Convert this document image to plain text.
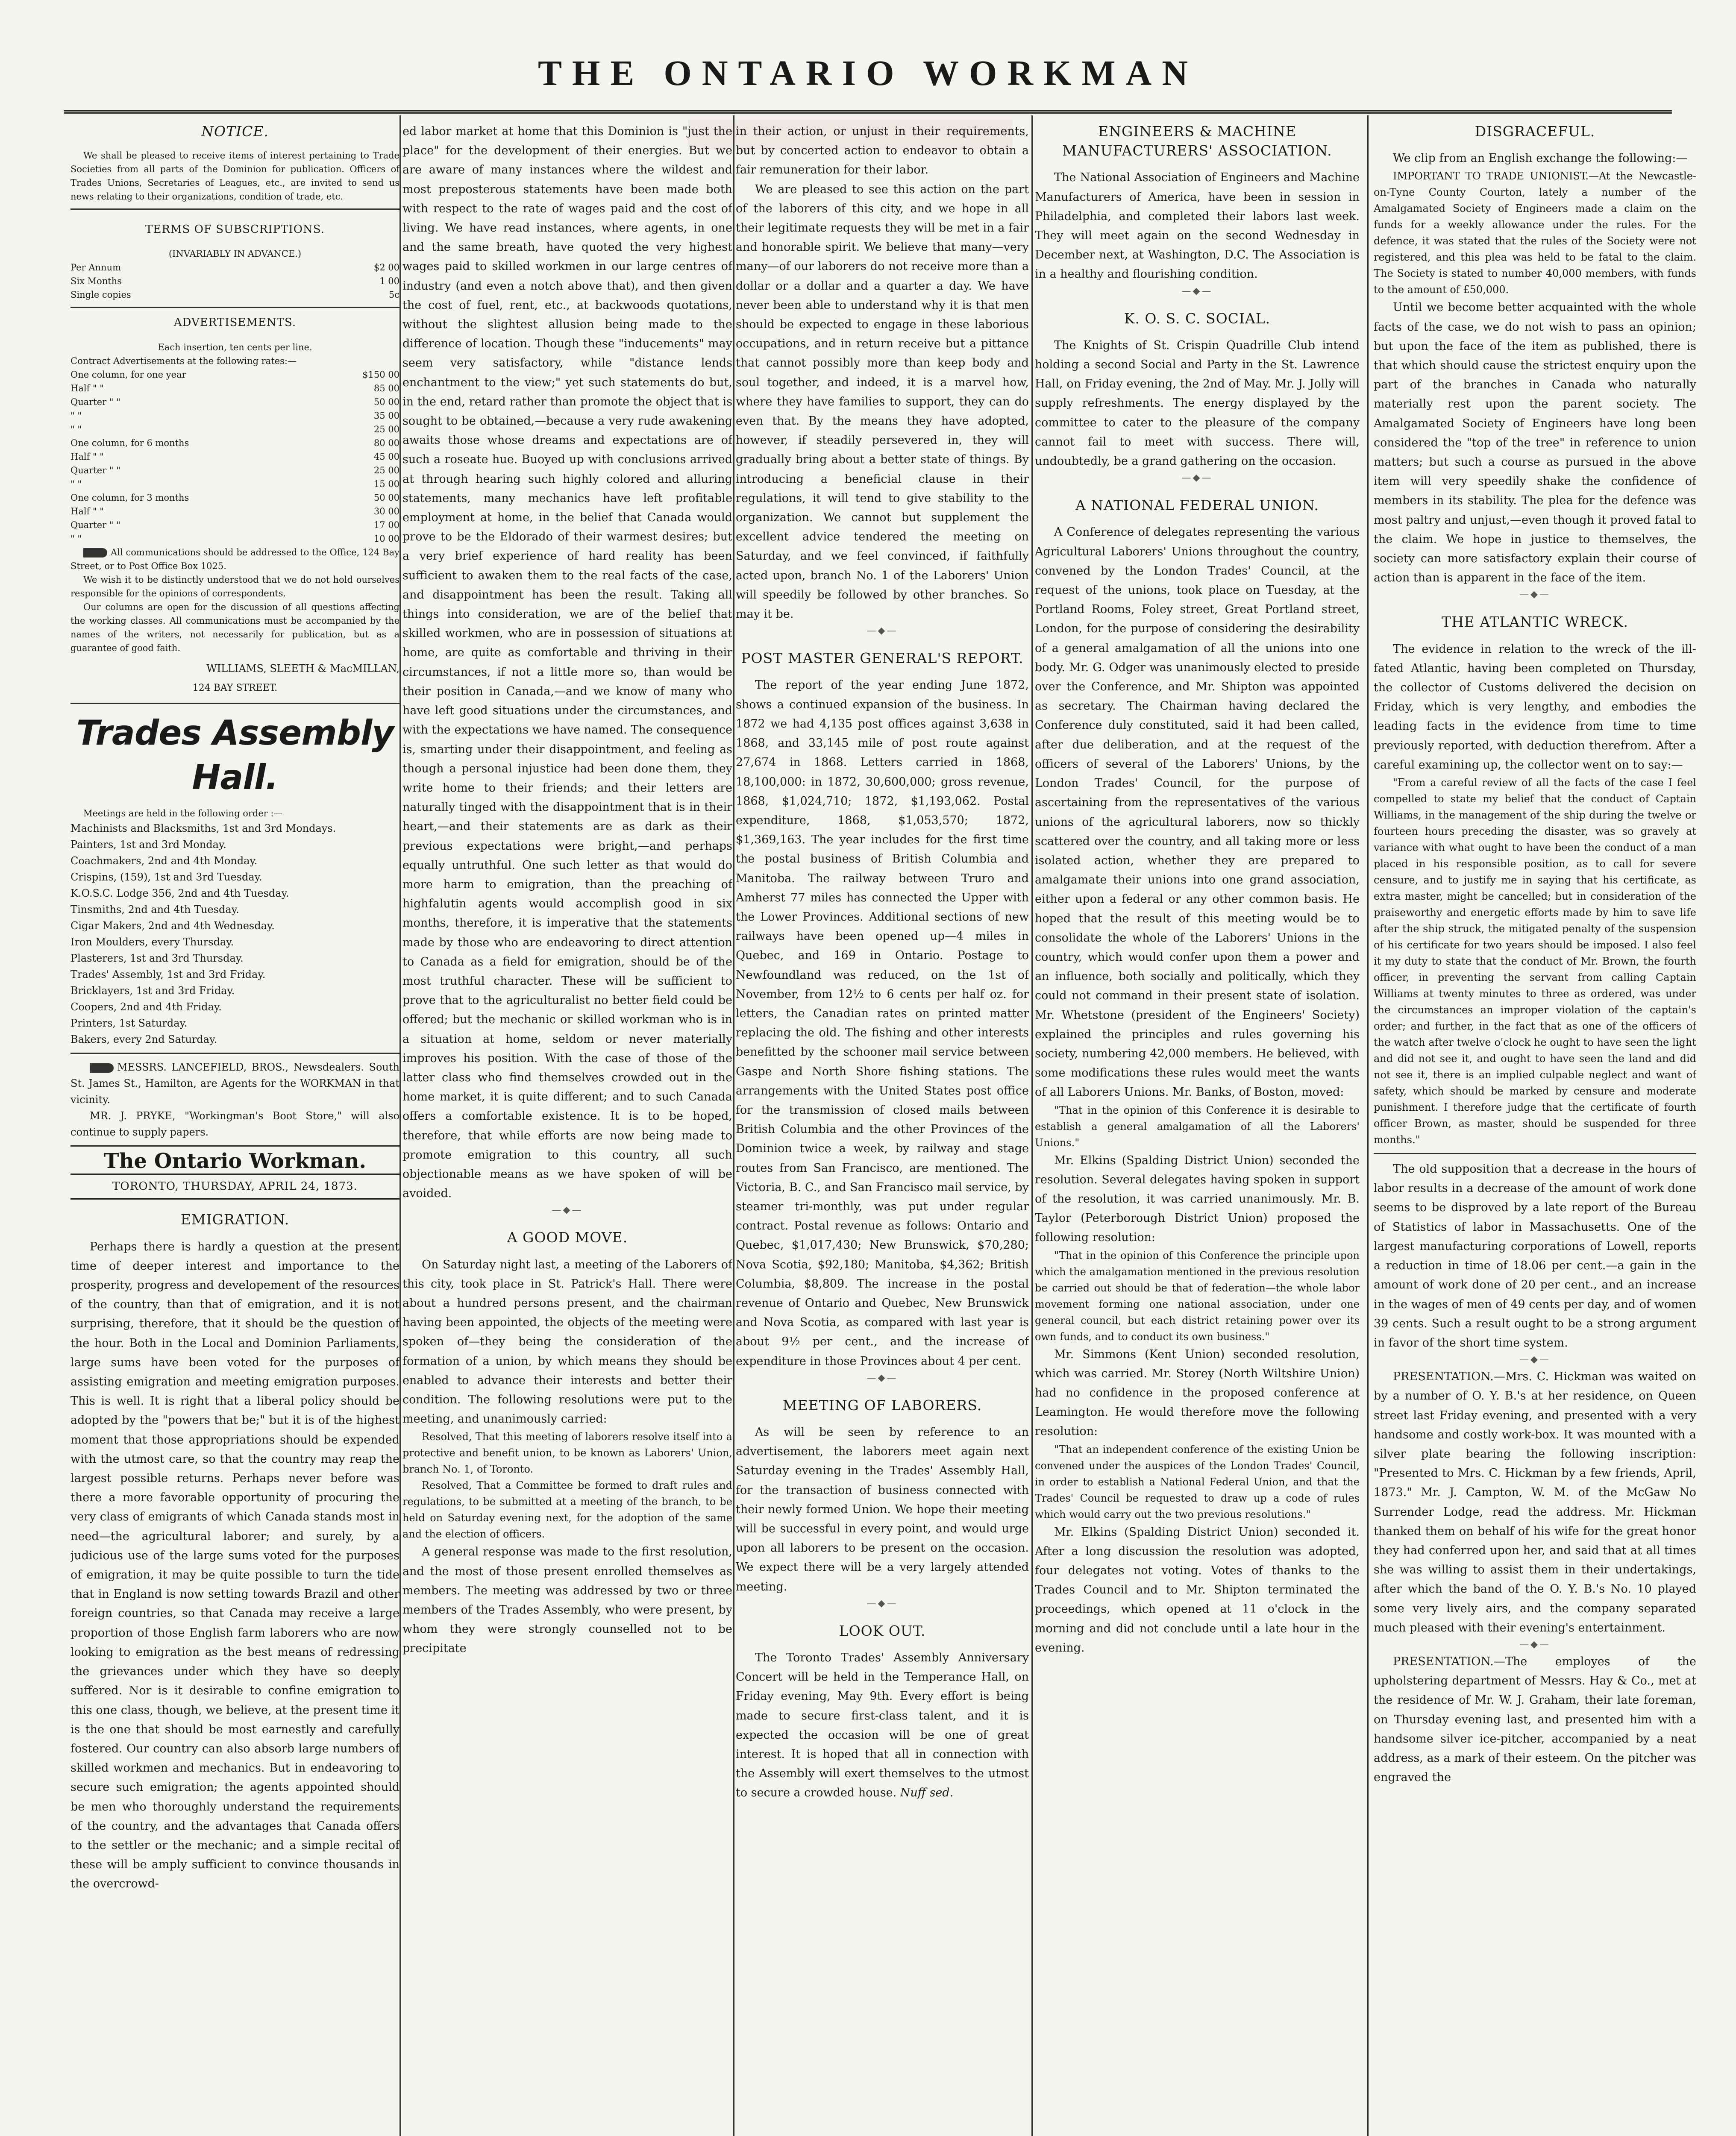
THE ONTARIO WORKMAN
NOTICE.

We shall be pleased to receive items of interest pertaining to Trade Societies from all parts of the Dominion for publication. Officers of Trades Unions, Secretaries of Leagues, etc., are invited to send us news relating to their organizations, condition of trade, etc.

TERMS OF SUBSCRIPTIONS.

(INVARIABLY IN ADVANCE.)

Per Annum	$2 00
Six Months	1 00
Single copies	5c
ADVERTISEMENTS.

Each insertion, ten cents per line.

Contract Advertisements at the following rates:—

One column, for one year	$150 00
Half " "	85 00
Quarter " "	50 00
" "	35 00
" "	25 00
One column, for 6 months	80 00
Half " "	45 00
Quarter " "	25 00
" "	15 00
One column, for 3 months	50 00
Half " "	30 00
Quarter " "	17 00
" "	10 00

All communications should be addressed to the Office, 124 Bay Street, or to Post Office Box 1025.

We wish it to be distinctly understood that we do not hold ourselves responsible for the opinions of correspondents.

Our columns are open for the discussion of all questions affecting the working classes. All communications must be accompanied by the names of the writers, not necessarily for publication, but as a guarantee of good faith.

WILLIAMS, SLEETH & MacMILLAN,

124 BAY STREET.

Trades Assembly Hall.

Meetings are held in the following order :—

Machinists and Blacksmiths, 1st and 3rd Mondays.
Painters, 1st and 3rd Monday.
Coachmakers, 2nd and 4th Monday.
Crispins, (159), 1st and 3rd Tuesday.
K.O.S.C. Lodge 356, 2nd and 4th Tuesday.
Tinsmiths, 2nd and 4th Tuesday.
Cigar Makers, 2nd and 4th Wednesday.
Iron Moulders, every Thursday.
Plasterers, 1st and 3rd Thursday.
Trades' Assembly, 1st and 3rd Friday.
Bricklayers, 1st and 3rd Friday.
Coopers, 2nd and 4th Friday.
Printers, 1st Saturday.
Bakers, every 2nd Saturday.

MESSRS. LANCEFIELD, BROS., Newsdealers. South St. James St., Hamilton, are Agents for the WORKMAN in that vicinity.

MR. J. PRYKE, "Workingman's Boot Store," will also continue to supply papers.

The Ontario Workman.
TORONTO, THURSDAY, APRIL 24, 1873.
EMIGRATION.

Perhaps there is hardly a question at the present time of deeper interest and importance to the prosperity, progress and developement of the resources of the country, than that of emigration, and it is not surprising, therefore, that it should be the question of the hour. Both in the Local and Dominion Parliaments, large sums have been voted for the purposes of assisting emigration and meeting emigration purposes. This is well. It is right that a liberal policy should be adopted by the "powers that be;" but it is of the highest moment that those appropriations should be expended with the utmost care, so that the country may reap the largest possible returns. Perhaps never before was there a more favorable opportunity of procuring the very class of emigrants of which Canada stands most in need—the agricultural laborer; and surely, by a judicious use of the large sums voted for the purposes of emigration, it may be quite possible to turn the tide that in England is now setting towards Brazil and other foreign countries, so that Canada may receive a large proportion of those English farm laborers who are now looking to emigration as the best means of redressing the grievances under which they have so deeply suffered. Nor is it desirable to confine emigration to this one class, though, we believe, at the present time it is the one that should be most earnestly and carefully fostered. Our country can also absorb large numbers of skilled workmen and mechanics. But in endeavoring to secure such emigration; the agents appointed should be men who thoroughly understand the requirements of the country, and the advantages that Canada offers to the settler or the mechanic; and a simple recital of these will be amply sufficient to convince thousands in the overcrowd-

ed labor market at home that this Dominion is "just the place" for the development of their energies. But we are aware of many instances where the wildest and most preposterous statements have been made both with respect to the rate of wages paid and the cost of living. We have read instances, where agents, in one and the same breath, have quoted the very highest wages paid to skilled workmen in our large centres of industry (and even a notch above that), and then given the cost of fuel, rent, etc., at backwoods quotations, without the slightest allusion being made to the difference of location. Though these "inducements" may seem very satisfactory, while "distance lends enchantment to the view;" yet such statements do but, in the end, retard rather than promote the object that is sought to be obtained,—because a very rude awakening awaits those whose dreams and expectations are of such a roseate hue. Buoyed up with conclusions arrived at through hearing such highly colored and alluring statements, many mechanics have left profitable employment at home, in the belief that Canada would prove to be the Eldorado of their warmest desires; but a very brief experience of hard reality has been sufficient to awaken them to the real facts of the case, and disappointment has been the result. Taking all things into consideration, we are of the belief that skilled workmen, who are in possession of situations at home, are quite as comfortable and thriving in their circumstances, if not a little more so, than would be their position in Canada,—and we know of many who have left good situations under the circumstances, and with the expectations we have named. The consequence is, smarting under their disappointment, and feeling as though a personal injustice had been done them, they write home to their friends; and their letters are naturally tinged with the disappointment that is in their heart,—and their statements are as dark as their previous expectations were bright,—and perhaps equally untruthful. One such letter as that would do more harm to emigration, than the preaching of highfalutin agents would accomplish good in six months, therefore, it is imperative that the statements made by those who are endeavoring to direct attention to Canada as a field for emigration, should be of the most truthful character. These will be sufficient to prove that to the agriculturalist no better field could be offered; but the mechanic or skilled workman who is in a situation at home, seldom or never materially improves his position. With the case of those of the latter class who find themselves crowded out in the home market, it is quite different; and to such Canada offers a comfortable existence. It is to be hoped, therefore, that while efforts are now being made to promote emigration to this country, all such objectionable means as we have spoken of will be avoided.

—◆—
A GOOD MOVE.

On Saturday night last, a meeting of the Laborers of this city, took place in St. Patrick's Hall. There were about a hundred persons present, and the chairman having been appointed, the objects of the meeting were spoken of—they being the consideration of the formation of a union, by which means they should be enabled to advance their interests and better their condition. The following resolutions were put to the meeting, and unanimously carried:

Resolved, That this meeting of laborers resolve itself into a protective and benefit union, to be known as Laborers' Union, branch No. 1, of Toronto.

Resolved, That a Committee be formed to draft rules and regulations, to be submitted at a meeting of the branch, to be held on Saturday evening next, for the adoption of the same and the election of officers.

A general response was made to the first resolution, and the most of those present enrolled themselves as members. The meeting was addressed by two or three members of the Trades Assembly, who were present, by whom they were strongly counselled not to be precipitate

in their action, or unjust in their requirements, but by concerted action to endeavor to obtain a fair remuneration for their labor.

We are pleased to see this action on the part of the laborers of this city, and we hope in all their legitimate requests they will be met in a fair and honorable spirit. We believe that many—very many—of our laborers do not receive more than a dollar or a dollar and a quarter a day. We have never been able to understand why it is that men should be expected to engage in these laborious occupations, and in return receive but a pittance that cannot possibly more than keep body and soul together, and indeed, it is a marvel how, where they have families to support, they can do even that. By the means they have adopted, however, if steadily persevered in, they will gradually bring about a better state of things. By introducing a beneficial clause in their regulations, it will tend to give stability to the organization. We cannot but supplement the excellent advice tendered the meeting on Saturday, and we feel convinced, if faithfully acted upon, branch No. 1 of the Laborers' Union will speedily be followed by other branches. So may it be.

—◆—
POST MASTER GENERAL'S REPORT.

The report of the year ending June 1872, shows a continued expansion of the business. In 1872 we had 4,135 post offices against 3,638 in 1868, and 33,145 mile of post route against 27,674 in 1868. Letters carried in 1868, 18,100,000: in 1872, 30,600,000; gross revenue, 1868, $1,024,710; 1872, $1,193,062. Postal expenditure, 1868, $1,053,570; 1872, $1,369,163. The year includes for the first time the postal business of British Columbia and Manitoba. The railway between Truro and Amherst 77 miles has connected the Upper with the Lower Provinces. Additional sections of new railways have been opened up—4 miles in Quebec, and 169 in Ontario. Postage to Newfoundland was reduced, on the 1st of November, from 12½ to 6 cents per half oz. for letters, the Canadian rates on printed matter replacing the old. The fishing and other interests benefitted by the schooner mail service between Gaspe and North Shore fishing stations. The arrangements with the United States post office for the transmission of closed mails between British Columbia and the other Provinces of the Dominion twice a week, by railway and stage routes from San Francisco, are mentioned. The Victoria, B. C., and San Francisco mail service, by steamer tri-monthly, was put under regular contract. Postal revenue as follows: Ontario and Quebec, $1,017,430; New Brunswick, $70,280; Nova Scotia, $92,180; Manitoba, $4,362; British Columbia, $8,809. The increase in the postal revenue of Ontario and Quebec, New Brunswick and Nova Scotia, as compared with last year is about 9½ per cent., and the increase of expenditure in those Provinces about 4 per cent.

—◆—
MEETING OF LABORERS.

As will be seen by reference to an advertisement, the laborers meet again next Saturday evening in the Trades' Assembly Hall, for the transaction of business connected with their newly formed Union. We hope their meeting will be successful in every point, and would urge upon all laborers to be present on the occasion. We expect there will be a very largely attended meeting.

—◆—
LOOK OUT.

The Toronto Trades' Assembly Anniversary Concert will be held in the Temperance Hall, on Friday evening, May 9th. Every effort is being made to secure first-class talent, and it is expected the occasion will be one of great interest. It is hoped that all in connection with the Assembly will exert themselves to the utmost to secure a crowded house. Nuff sed.

ENGINEERS & MACHINE MANUFACTURERS' ASSOCIATION.

The National Association of Engineers and Machine Manufacturers of America, have been in session in Philadelphia, and completed their labors last week. They will meet again on the second Wednesday in December next, at Washington, D.C. The Association is in a healthy and flourishing condition.

—◆—
K. O. S. C. SOCIAL.

The Knights of St. Crispin Quadrille Club intend holding a second Social and Party in the St. Lawrence Hall, on Friday evening, the 2nd of May. Mr. J. Jolly will supply refreshments. The energy displayed by the committee to cater to the pleasure of the company cannot fail to meet with success. There will, undoubtedly, be a grand gathering on the occasion.

—◆—
A NATIONAL FEDERAL UNION.

A Conference of delegates representing the various Agricultural Laborers' Unions throughout the country, convened by the London Trades' Council, at the request of the unions, took place on Tuesday, at the Portland Rooms, Foley street, Great Portland street, London, for the purpose of considering the desirability of a general amalgamation of all the unions into one body. Mr. G. Odger was unanimously elected to preside over the Conference, and Mr. Shipton was appointed as secretary. The Chairman having declared the Conference duly constituted, said it had been called, after due deliberation, and at the request of the officers of several of the Laborers' Unions, by the London Trades' Council, for the purpose of ascertaining from the representatives of the various unions of the agricultural laborers, now so thickly scattered over the country, and all taking more or less isolated action, whether they are prepared to amalgamate their unions into one grand association, either upon a federal or any other common basis. He hoped that the result of this meeting would be to consolidate the whole of the Laborers' Unions in the country, which would confer upon them a power and an influence, both socially and politically, which they could not command in their present state of isolation. Mr. Whetstone (president of the Engineers' Society) explained the principles and rules governing his society, numbering 42,000 members. He believed, with some modifications these rules would meet the wants of all Laborers Unions. Mr. Banks, of Boston, moved:

"That in the opinion of this Conference it is desirable to establish a general amalgamation of all the Laborers' Unions."

Mr. Elkins (Spalding District Union) seconded the resolution. Several delegates having spoken in support of the resolution, it was carried unanimously. Mr. B. Taylor (Peterborough District Union) proposed the following resolution:

"That in the opinion of this Conference the principle upon which the amalgamation mentioned in the previous resolution be carried out should be that of federation—the whole labor movement forming one national association, under one general council, but each district retaining power over its own funds, and to conduct its own business."

Mr. Simmons (Kent Union) seconded resolution, which was carried. Mr. Storey (North Wiltshire Union) had no confidence in the proposed conference at Leamington. He would therefore move the following resolution:

"That an independent conference of the existing Union be convened under the auspices of the London Trades' Council, in order to establish a National Federal Union, and that the Trades' Council be requested to draw up a code of rules which would carry out the two previous resolutions."

Mr. Elkins (Spalding District Union) seconded it. After a long discussion the resolution was adopted, four delegates not voting. Votes of thanks to the Trades Council and to Mr. Shipton terminated the proceedings, which opened at 11 o'clock in the morning and did not conclude until a late hour in the evening.

DISGRACEFUL.

We clip from an English exchange the following:—

IMPORTANT TO TRADE UNIONIST.—At the Newcastle-on-Tyne County Courton, lately a number of the Amalgamated Society of Engineers made a claim on the funds for a weekly allowance under the rules. For the defence, it was stated that the rules of the Society were not registered, and this plea was held to be fatal to the claim. The Society is stated to number 40,000 members, with funds to the amount of £50,000.

Until we become better acquainted with the whole facts of the case, we do not wish to pass an opinion; but upon the face of the item as published, there is that which should cause the strictest enquiry upon the part of the branches in Canada who naturally materially rest upon the parent society. The Amalgamated Society of Engineers have long been considered the "top of the tree" in reference to union matters; but such a course as pursued in the above item will very speedily shake the confidence of members in its stability. The plea for the defence was most paltry and unjust,—even though it proved fatal to the claim. We hope in justice to themselves, the society can more satisfactory explain their course of action than is apparent in the face of the item.

—◆—
THE ATLANTIC WRECK.

The evidence in relation to the wreck of the ill-fated Atlantic, having been completed on Thursday, the collector of Customs delivered the decision on Friday, which is very lengthy, and embodies the leading facts in the evidence from time to time previously reported, with deduction therefrom. After a careful examining up, the collector went on to say:—

"From a careful review of all the facts of the case I feel compelled to state my belief that the conduct of Captain Williams, in the management of the ship during the twelve or fourteen hours preceding the disaster, was so gravely at variance with what ought to have been the conduct of a man placed in his responsible position, as to call for severe censure, and to justify me in saying that his certificate, as extra master, might be cancelled; but in consideration of the praiseworthy and energetic efforts made by him to save life after the ship struck, the mitigated penalty of the suspension of his certificate for two years should be imposed. I also feel it my duty to state that the conduct of Mr. Brown, the fourth officer, in preventing the servant from calling Captain Williams at twenty minutes to three as ordered, was under the circumstances an improper violation of the captain's order; and further, in the fact that as one of the officers of the watch after twelve o'clock he ought to have seen the light and did not see it, and ought to have seen the land and did not see it, there is an implied culpable neglect and want of safety, which should be marked by censure and moderate punishment. I therefore judge that the certificate of fourth officer Brown, as master, should be suspended for three months."

The old supposition that a decrease in the hours of labor results in a decrease of the amount of work done seems to be disproved by a late report of the Bureau of Statistics of labor in Massachusetts. One of the largest manufacturing corporations of Lowell, reports a reduction in time of 18.06 per cent.—a gain in the amount of work done of 20 per cent., and an increase in the wages of men of 49 cents per day, and of women 39 cents. Such a result ought to be a strong argument in favor of the short time system.

—◆—

PRESENTATION.—Mrs. C. Hickman was waited on by a number of O. Y. B.'s at her residence, on Queen street last Friday evening, and presented with a very handsome and costly work-box. It was mounted with a silver plate bearing the following inscription: "Presented to Mrs. C. Hickman by a few friends, April, 1873." Mr. J. Campton, W. M. of the McGaw No Surrender Lodge, read the address. Mr. Hickman thanked them on behalf of his wife for the great honor they had conferred upon her, and said that at all times she was willing to assist them in their undertakings, after which the band of the O. Y. B.'s No. 10 played some very lively airs, and the company separated much pleased with their evening's entertainment.

—◆—

PRESENTATION.—The employes of the upholstering department of Messrs. Hay & Co., met at the residence of Mr. W. J. Graham, their late foreman, on Thursday evening last, and presented him with a handsome silver ice-pitcher, accompanied by a neat address, as a mark of their esteem. On the pitcher was engraved the
